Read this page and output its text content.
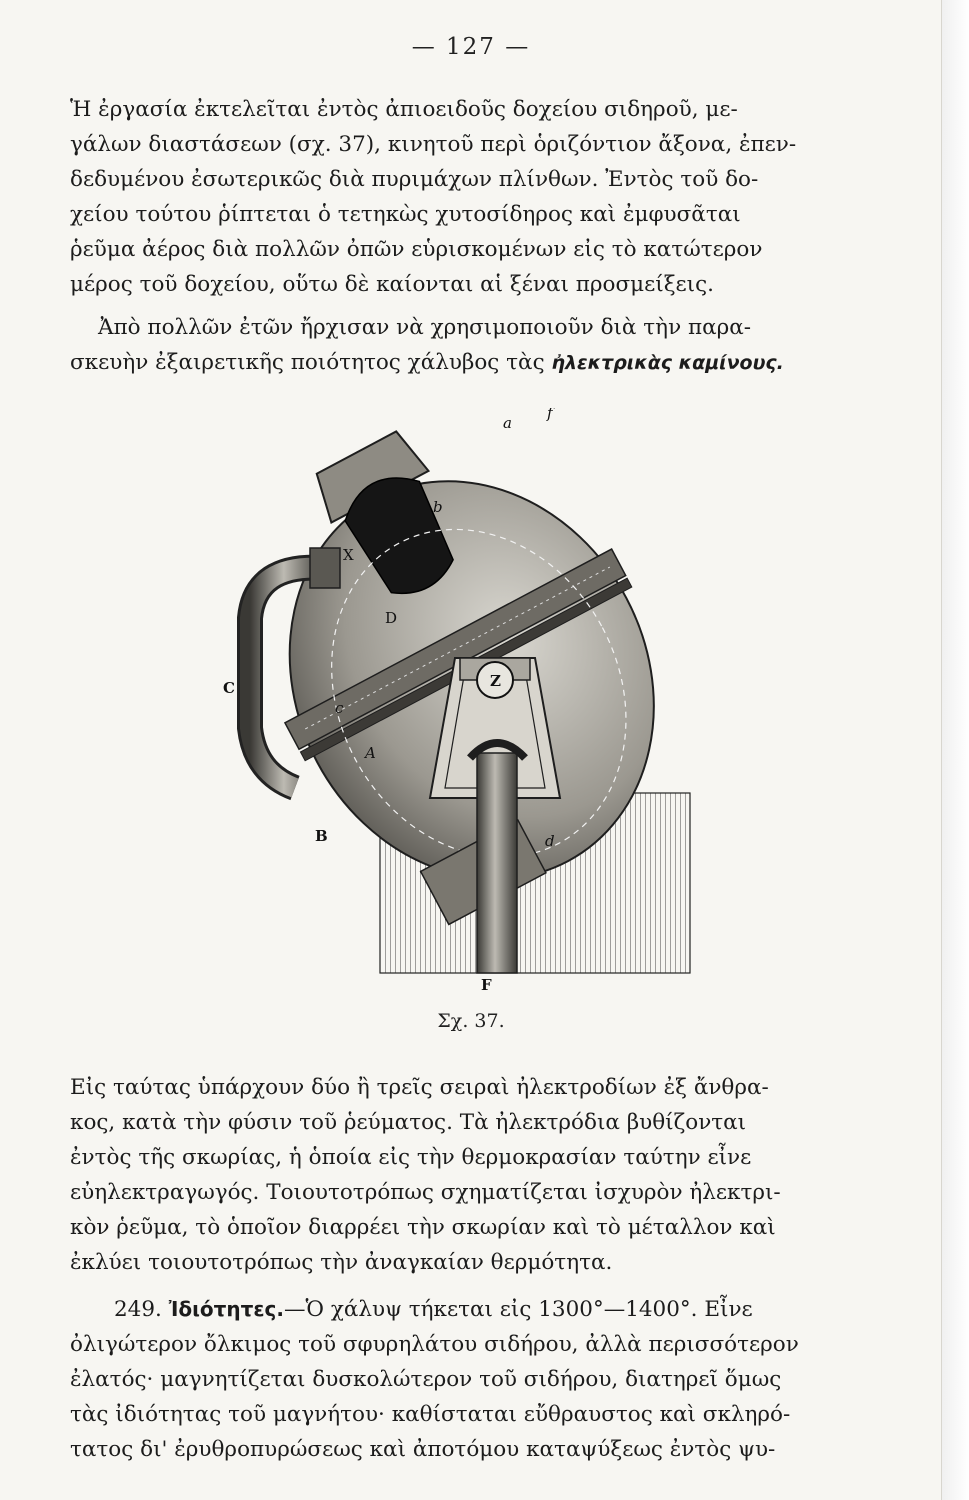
— 127 —
Ἡ ἐργασία ἐκτελεῖται ἐντὸς ἀπιοειδοῦς δοχείου σιδηροῦ, με-
γάλων διαστάσεων (σχ. 37), κινητοῦ περὶ ὁριζόντιον ἄξονα, ἐπεν-
δεδυμένου ἐσωτερικῶς διὰ πυριμάχων πλίνθων. Ἐντὸς τοῦ δο-
χείου τούτου ῥίπτεται ὁ τετηκὼς χυτοσίδηρος καὶ ἐμφυσᾶται
ῥεῦμα ἀέρος διὰ πολλῶν ὀπῶν εὑρισκομένων εἰς τὸ κατώτερον
μέρος τοῦ δοχείου, οὕτω δὲ καίονται αἱ ξέναι προσμείξεις.
Ἀπὸ πολλῶν ἐτῶν ἤρχισαν νὰ χρησιμοποιοῦν διὰ τὴν παρα-
σκευὴν ἐξαιρετικῆς ποιότητος χάλυβος τὰς ἠλεκτρικὰς καμίνους.
a
f
b
X
D
Z
C
c
A
B	d
F
Σχ. 37.
Εἰς ταύτας ὑπάρχουν δύο ἢ τρεῖς σειραὶ ἠλεκτροδίων ἐξ ἄνθρα-
κος, κατὰ τὴν φύσιν τοῦ ῥεύματος. Τὰ ἠλεκτρόδια βυθίζονται
ἐντὸς τῆς σκωρίας, ἡ ὁποία εἰς τὴν θερμοκρασίαν ταύτην εἶνε
εὐηλεκτραγωγός. Τοιουτοτρόπως σχηματίζεται ἰσχυρὸν ἠλεκτρι-
κὸν ῥεῦμα, τὸ ὁποῖον διαρρέει τὴν σκωρίαν καὶ τὸ μέταλλον καὶ
ἐκλύει τοιουτοτρόπως τὴν ἀναγκαίαν θερμότητα.
249. Ἰδιότητες.—Ὁ χάλυψ τήκεται εἰς 1300°—1400°. Εἶνε
ὀλιγώτερον ὄλκιμος τοῦ σφυρηλάτου σιδήρου, ἀλλὰ περισσότερον
ἐλατός· μαγνητίζεται δυσκολώτερον τοῦ σιδήρου, διατηρεῖ ὅμως
τὰς ἰδιότητας τοῦ μαγνήτου· καθίσταται εὔθραυστος καὶ σκληρό-
τατος δι' ἐρυθροπυρώσεως καὶ ἀποτόμου καταψύξεως ἐντὸς ψυ-
